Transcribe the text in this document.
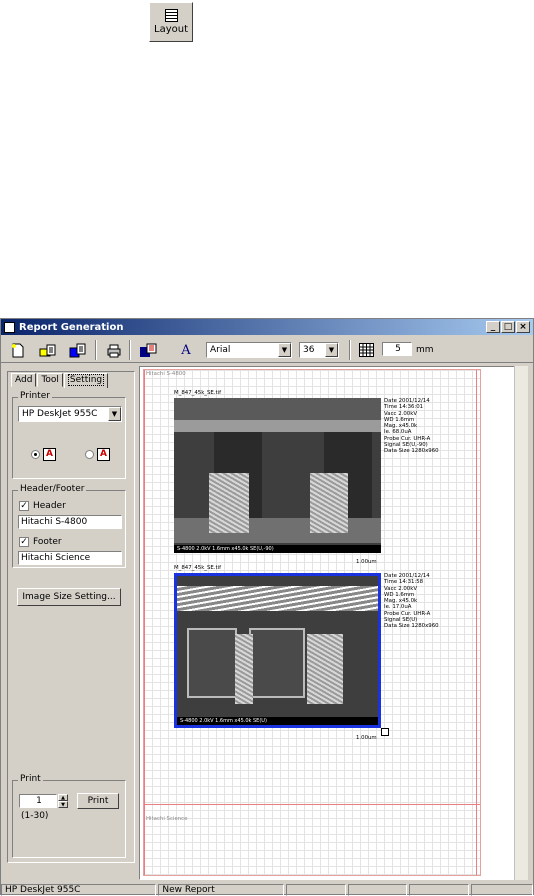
Layout
Report Generation	_ □ ×
A	Arial	▼	36	▼	5	mm
Add	Tool	Setting
Printer
HP DeskJet 955C	▼
A	A
Header/Footer
✓ Header
Hitachi S-4800
✓ Footer
Hitachi Science
Image Size Setting...
Print
1	▲
▼
(1-30)
Print
Hitachi S-4800
Hitachi Science
M_847_45k_SE.tif
S-4800 2.0kV 1.6mm x45.0k SE(U,-90)
1.00um
Date 2001/12/14
Time 14:36:01
Vacc 2.00kV
WD 1.6mm
Mag. x45.0k
Ie. 68.0uA
Probe Cur. UHR-A
Signal SE(U,-90)
Data Size 1280x960
M_847_45k_SE.tif
S-4800 2.0kV 1.6mm x45.0k SE(U)
1.00um
Date 2001/12/14
Time 14:31:58
Vacc 2.00kV
WD 1.6mm
Mag. x45.0k
Ie. 17.0uA
Probe Cur. UHR-A
Signal SE(U)
Data Size 1280x960
HP DeskJet 955C	New Report
